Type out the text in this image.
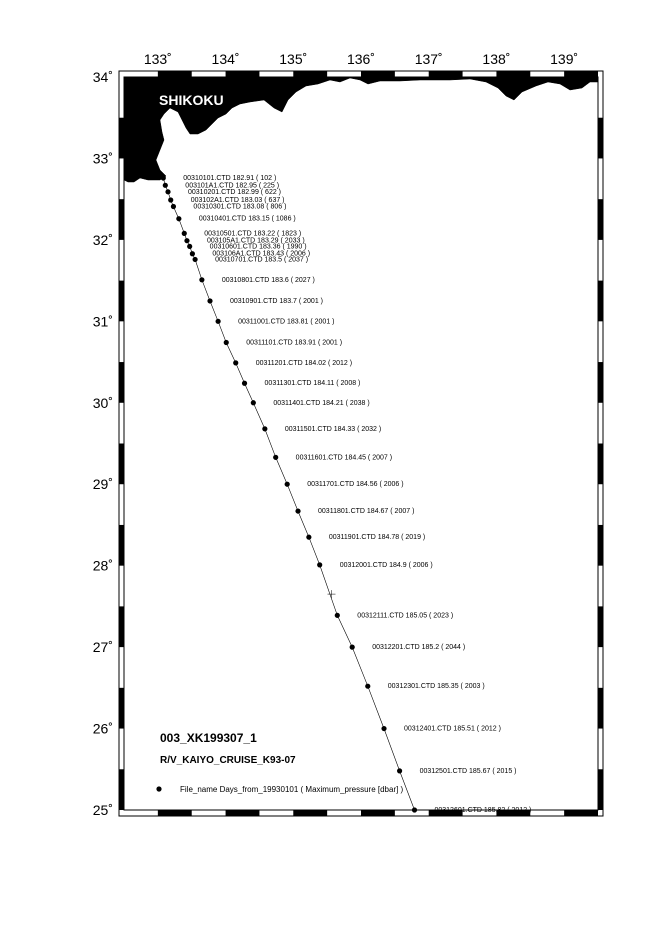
SHIKOKU
133˚	134˚	135˚	136˚	137˚	138˚	139˚
34˚
33˚
32˚
31˚
30˚
29˚
28˚
27˚
26˚
25˚
00310101.CTD 182.91 ( 102 )
003101A1.CTD 182.95 ( 225 )
00310201.CTD 182.99 ( 622 )
003102A1.CTD 183.03 ( 637 )
00310301.CTD 183.08 ( 806 )
00310401.CTD 183.15 ( 1086 )
00310501.CTD 183.22 ( 1823 )
003105A1.CTD 183.29 ( 2033 )
00310601.CTD 183.36 ( 1990 )
003106A1.CTD 183.43 ( 2006 )
00310701.CTD 183.5 ( 2037 )
00310801.CTD 183.6 ( 2027 )
00310901.CTD 183.7 ( 2001 )
00311001.CTD 183.81 ( 2001 )
00311101.CTD 183.91 ( 2001 )
00311201.CTD 184.02 ( 2012 )
00311301.CTD 184.11 ( 2008 )
00311401.CTD 184.21 ( 2038 )
00311501.CTD 184.33 ( 2032 )
00311601.CTD 184.45 ( 2007 )
00311701.CTD 184.56 ( 2006 )
00311801.CTD 184.67 ( 2007 )
00311901.CTD 184.78 ( 2019 )
00312001.CTD 184.9 ( 2006 )
00312111.CTD 185.05 ( 2023 )
00312201.CTD 185.2 ( 2044 )
00312301.CTD 185.35 ( 2003 )
00312401.CTD 185.51 ( 2012 )
00312501.CTD 185.67 ( 2015 )
00312601.CTD 185.82 ( 2012 )
003_XK199307_1
R/V_KAIYO_CRUISE_K93-07
File_name Days_from_19930101 ( Maximum_pressure [dbar] )
